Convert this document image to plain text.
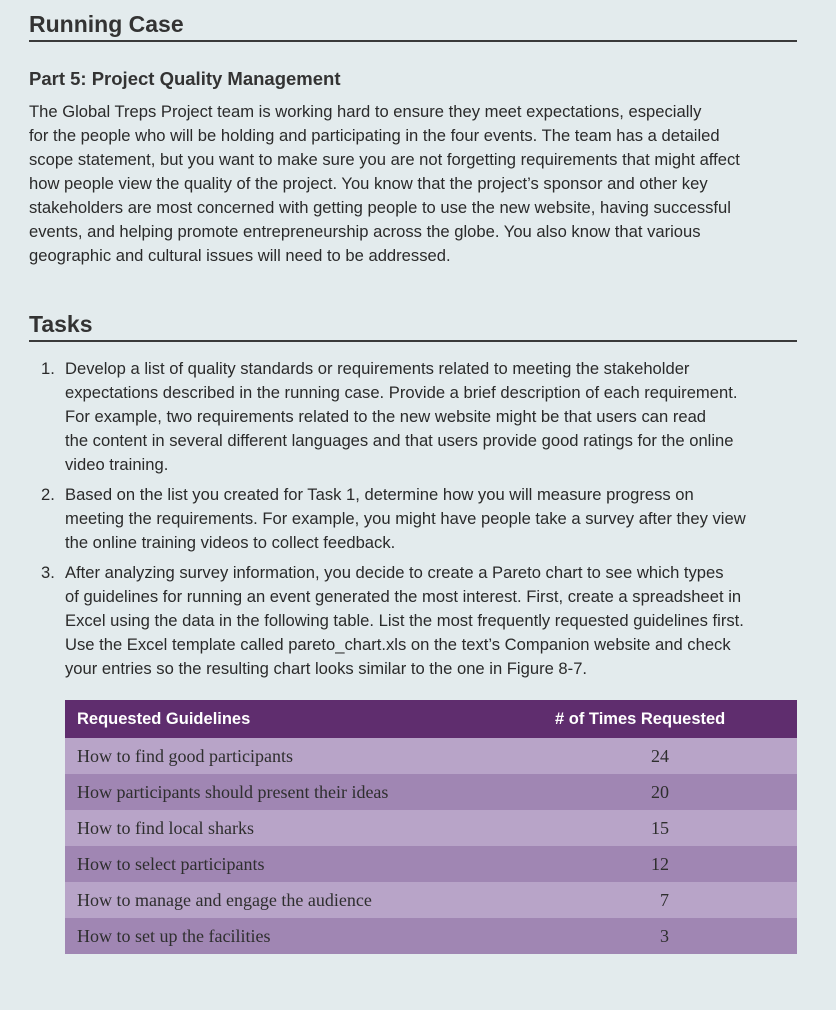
Running Case
Part 5: Project Quality Management

The Global Treps Project team is working hard to ensure they meet expectations, especially
for the people who will be holding and participating in the four events. The team has a detailed
scope statement, but you want to make sure you are not forgetting requirements that might affect
how people view the quality of the project. You know that the project’s sponsor and other key
stakeholders are most concerned with getting people to use the new website, having successful
events, and helping promote entrepreneurship across the globe. You also know that various
geographic and cultural issues will need to be addressed.

Tasks
1. Develop a list of quality standards or requirements related to meeting the stakeholder
expectations described in the running case. Provide a brief description of each requirement.
For example, two requirements related to the new website might be that users can read
the content in several different languages and that users provide good ratings for the online
video training.
2. Based on the list you created for Task 1, determine how you will measure progress on
meeting the requirements. For example, you might have people take a survey after they view
the online training videos to collect feedback.
3. After analyzing survey information, you decide to create a Pareto chart to see which types
of guidelines for running an event generated the most interest. First, create a spreadsheet in
Excel using the data in the following table. List the most frequently requested guidelines first.
Use the Excel template called pareto_chart.xls on the text’s Companion website and check
your entries so the resulting chart looks similar to the one in Figure 8-7.
Requested Guidelines	# of Times Requested
How to find good participants	24
How participants should present their ideas	20
How to find local sharks	15
How to select participants	12
How to manage and engage the audience	7
How to set up the facilities	3
